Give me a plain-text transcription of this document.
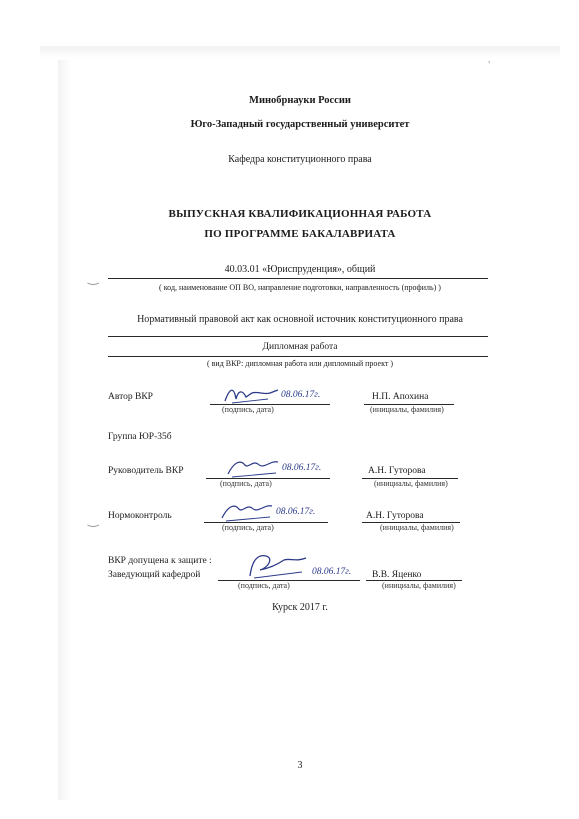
,
‿
‿
Минобрнауки России
Юго-Западный государственный университет
Кафедра конституционного права
ВЫПУСКНАЯ КВАЛИФИКАЦИОННАЯ РАБОТА
ПО ПРОГРАММЕ БАКАЛАВРИАТА
40.03.01 «Юриспруденция», общий
( код, наименование ОП ВО, направление подготовки, направленность (профиль) )
Нормативный правовой акт как основной источник конституционного права
Дипломная работа
( вид ВКР: дипломная работа или дипломный проект )
Автор ВКР	08.06.17г.
(подпись, дата)
Н.П. Апохина
(инициалы, фамилия)
Группа ЮР-35б
Руководитель ВКР	08.06.17г.
(подпись, дата)
А.Н. Гуторова
(инициалы, фамилия)
Нормоконтроль	08.06.17г.
(подпись, дата)
А.Н. Гуторова
(инициалы, фамилия)
ВКР допущена к защите :
Заведующий кафедрой	08.06.17г.
(подпись, дата)
В.В. Яценко
(инициалы, фамилия)
Курск 2017 г.
3
